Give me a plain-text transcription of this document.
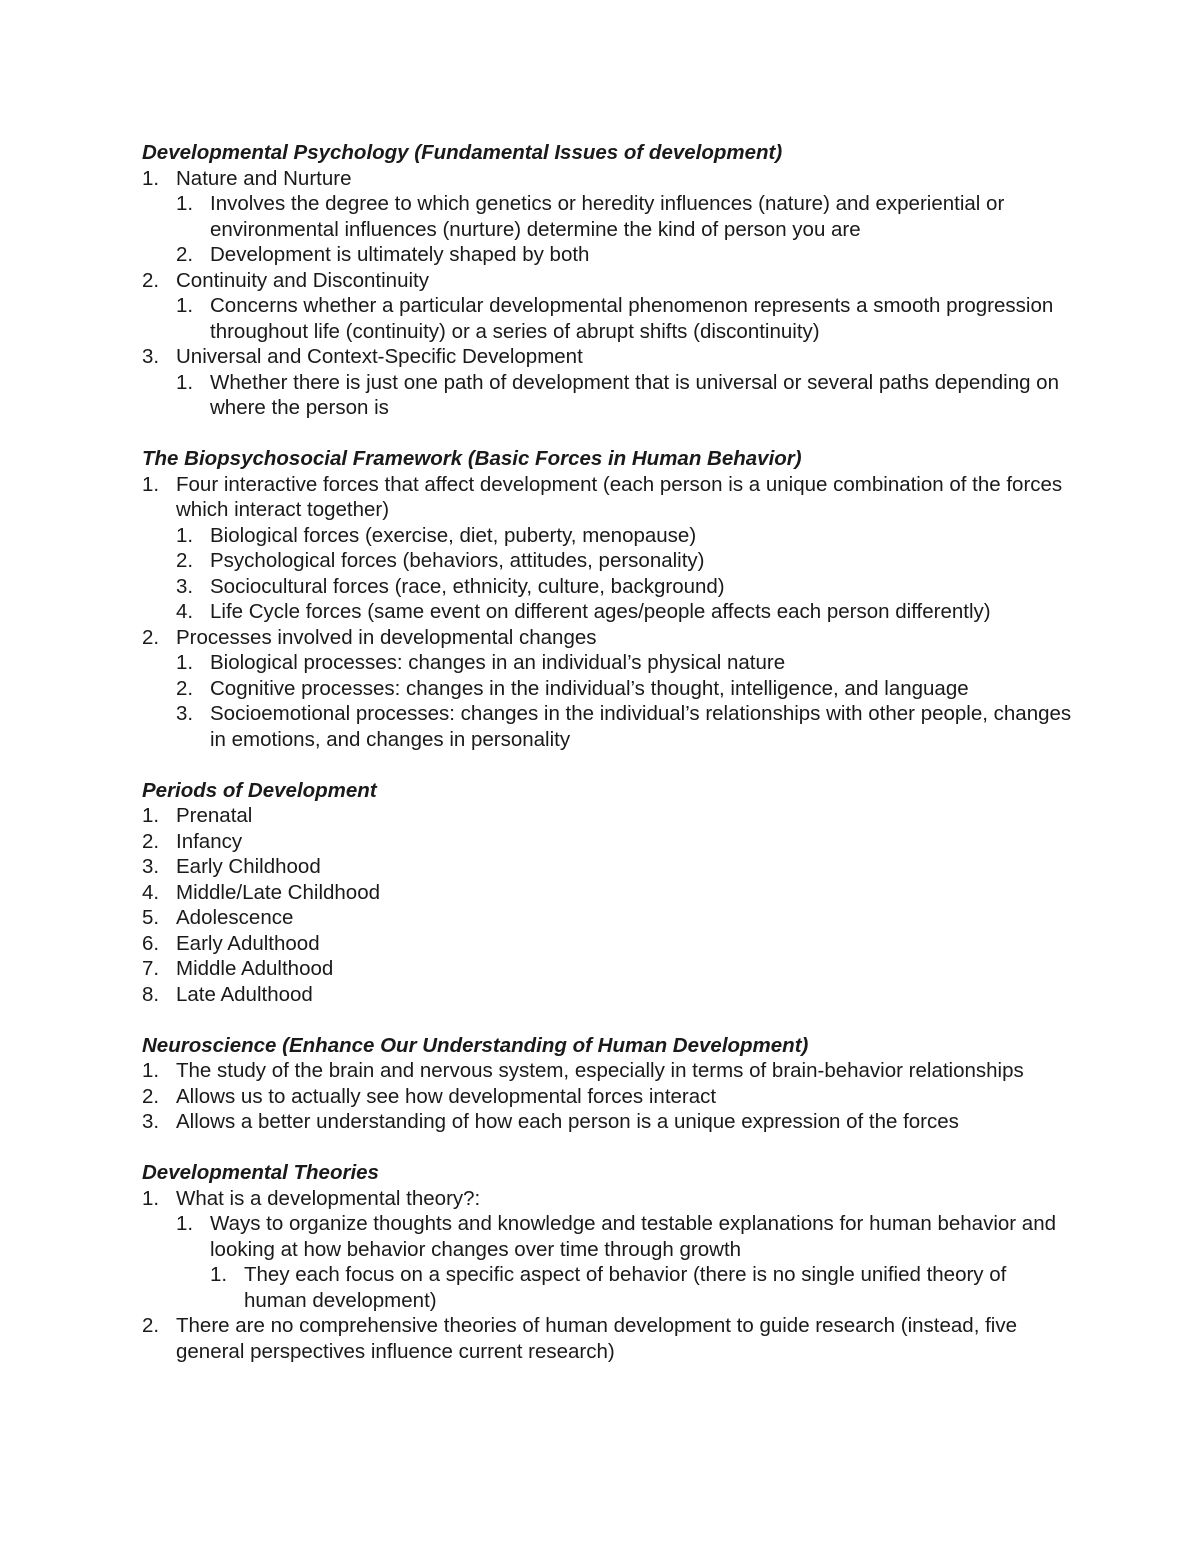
Developmental Psychology (Fundamental Issues of development)
1. Nature and Nurture
1. Involves the degree to which genetics or heredity influences (nature) and experiential or environmental influences (nurture) determine the kind of person you are
2. Development is ultimately shaped by both
2. Continuity and Discontinuity
1. Concerns whether a particular developmental phenomenon represents a smooth progression throughout life (continuity) or a series of abrupt shifts (discontinuity)
3. Universal and Context-Specific Development
1. Whether there is just one path of development that is universal or several paths depending on where the person is
The Biopsychosocial Framework (Basic Forces in Human Behavior)
1. Four interactive forces that affect development (each person is a unique combination of the forces which interact together)
1. Biological forces (exercise, diet, puberty, menopause)
2. Psychological forces (behaviors, attitudes, personality)
3. Sociocultural forces (race, ethnicity, culture, background)
4. Life Cycle forces (same event on different ages/people affects each person differently)
2. Processes involved in developmental changes
1. Biological processes: changes in an individual’s physical nature
2. Cognitive processes: changes in the individual’s thought, intelligence, and language
3. Socioemotional processes: changes in the individual’s relationships with other people, changes in emotions, and changes in personality
Periods of Development
1. Prenatal
2. Infancy
3. Early Childhood
4. Middle/Late Childhood
5. Adolescence
6. Early Adulthood
7. Middle Adulthood
8. Late Adulthood
Neuroscience (Enhance Our Understanding of Human Development)
1. The study of the brain and nervous system, especially in terms of brain-behavior relationships
2. Allows us to actually see how developmental forces interact
3. Allows a better understanding of how each person is a unique expression of the forces
Developmental Theories
1. What is a developmental theory?:
1. Ways to organize thoughts and knowledge and testable explanations for human behavior and looking at how behavior changes over time through growth
1. They each focus on a specific aspect of behavior (there is no single unified theory of human development)
2. There are no comprehensive theories of human development to guide research (instead, five general perspectives influence current research)
